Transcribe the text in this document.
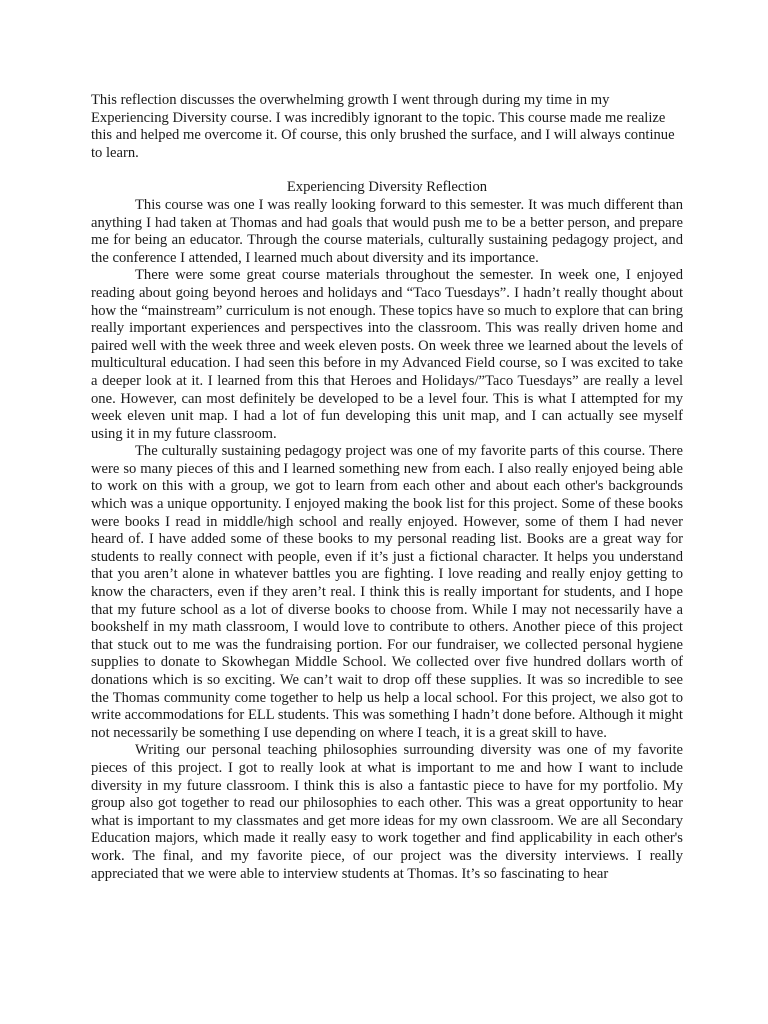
This reflection discusses the overwhelming growth I went through during my time in my Experiencing Diversity course. I was incredibly ignorant to the topic. This course made me realize this and helped me overcome it. Of course, this only brushed the surface, and I will always continue to learn.

Experiencing Diversity Reflection

This course was one I was really looking forward to this semester. It was much different than anything I had taken at Thomas and had goals that would push me to be a better person, and prepare me for being an educator. Through the course materials, culturally sustaining pedagogy project, and the conference I attended, I learned much about diversity and its importance.

There were some great course materials throughout the semester. In week one, I enjoyed reading about going beyond heroes and holidays and “Taco Tuesdays”. I hadn’t really thought about how the “mainstream” curriculum is not enough. These topics have so much to explore that can bring really important experiences and perspectives into the classroom. This was really driven home and paired well with the week three and week eleven posts. On week three we learned about the levels of multicultural education. I had seen this before in my Advanced Field course, so I was excited to take a deeper look at it. I learned from this that Heroes and Holidays/”Taco Tuesdays” are really a level one. However, can most definitely be developed to be a level four. This is what I attempted for my week eleven unit map. I had a lot of fun developing this unit map, and I can actually see myself using it in my future classroom.

The culturally sustaining pedagogy project was one of my favorite parts of this course. There were so many pieces of this and I learned something new from each. I also really enjoyed being able to work on this with a group, we got to learn from each other and about each other's backgrounds which was a unique opportunity. I enjoyed making the book list for this project. Some of these books were books I read in middle/high school and really enjoyed. However, some of them I had never heard of. I have added some of these books to my personal reading list. Books are a great way for students to really connect with people, even if it’s just a fictional character. It helps you understand that you aren’t alone in whatever battles you are fighting. I love reading and really enjoy getting to know the characters, even if they aren’t real. I think this is really important for students, and I hope that my future school as a lot of diverse books to choose from. While I may not necessarily have a bookshelf in my math classroom, I would love to contribute to others. Another piece of this project that stuck out to me was the fundraising portion. For our fundraiser, we collected personal hygiene supplies to donate to Skowhegan Middle School. We collected over five hundred dollars worth of donations which is so exciting. We can’t wait to drop off these supplies. It was so incredible to see the Thomas community come together to help us help a local school. For this project, we also got to write accommodations for ELL students. This was something I hadn’t done before. Although it might not necessarily be something I use depending on where I teach, it is a great skill to have.

Writing our personal teaching philosophies surrounding diversity was one of my favorite pieces of this project. I got to really look at what is important to me and how I want to include diversity in my future classroom. I think this is also a fantastic piece to have for my portfolio. My group also got together to read our philosophies to each other. This was a great opportunity to hear what is important to my classmates and get more ideas for my own classroom. We are all Secondary Education majors, which made it really easy to work together and find applicability in each other's work. The final, and my favorite piece, of our project was the diversity interviews. I really appreciated that we were able to interview students at Thomas. It’s so fascinating to hear
